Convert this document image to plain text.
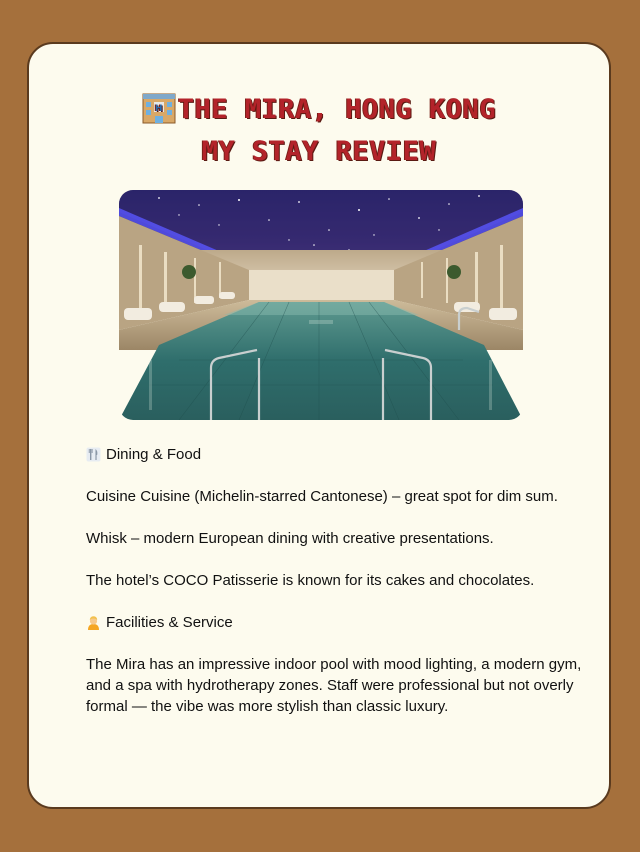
H THE MIRA, HONG KONG
MY STAY REVIEW

Dining & Food

Cuisine Cuisine (Michelin-starred Cantonese) – great spot for dim sum.

Whisk – modern European dining with creative presentations.

The hotel’s COCO Patisserie is known for its cakes and chocolates.

Facilities & Service

The Mira has an impressive indoor pool with mood lighting, a modern gym, and a spa with hydrotherapy zones. Staff were professional but not overly formal — the vibe was more stylish than classic luxury.
